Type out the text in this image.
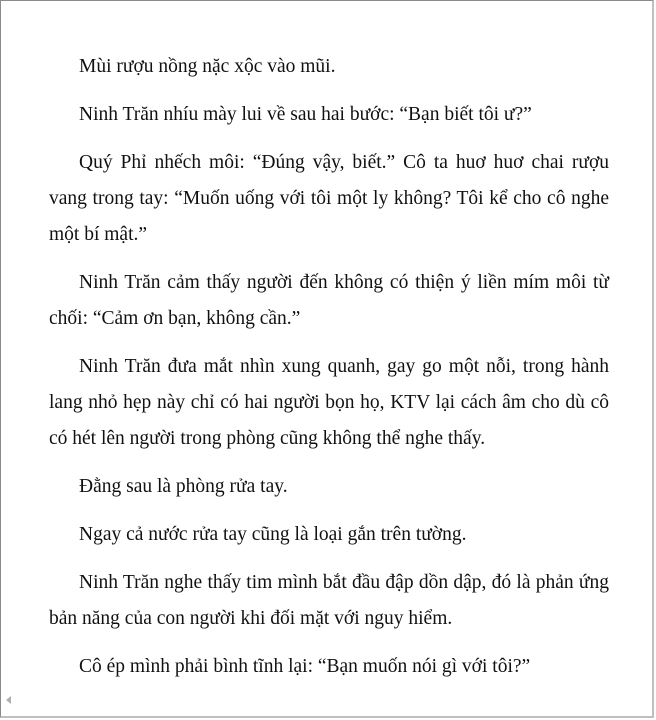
Mùi rượu nồng nặc xộc vào mũi.

Ninh Trăn nhíu mày lui về sau hai bước: “Bạn biết tôi ư?”

Quý Phỉ nhếch môi: “Đúng vậy, biết.” Cô ta huơ huơ chai rượu vang trong tay: “Muốn uống với tôi một ly không? Tôi kể cho cô nghe một bí mật.”

Ninh Trăn cảm thấy người đến không có thiện ý liền mím môi từ chối: “Cảm ơn bạn, không cần.”

Ninh Trăn đưa mắt nhìn xung quanh, gay go một nỗi, trong hành lang nhỏ hẹp này chỉ có hai người bọn họ, KTV lại cách âm cho dù cô có hét lên người trong phòng cũng không thể nghe thấy.

Đằng sau là phòng rửa tay.

Ngay cả nước rửa tay cũng là loại gắn trên tường.

Ninh Trăn nghe thấy tim mình bắt đầu đập dồn dập, đó là phản ứng bản năng của con người khi đối mặt với nguy hiểm.

Cô ép mình phải bình tĩnh lại: “Bạn muốn nói gì với tôi?”
